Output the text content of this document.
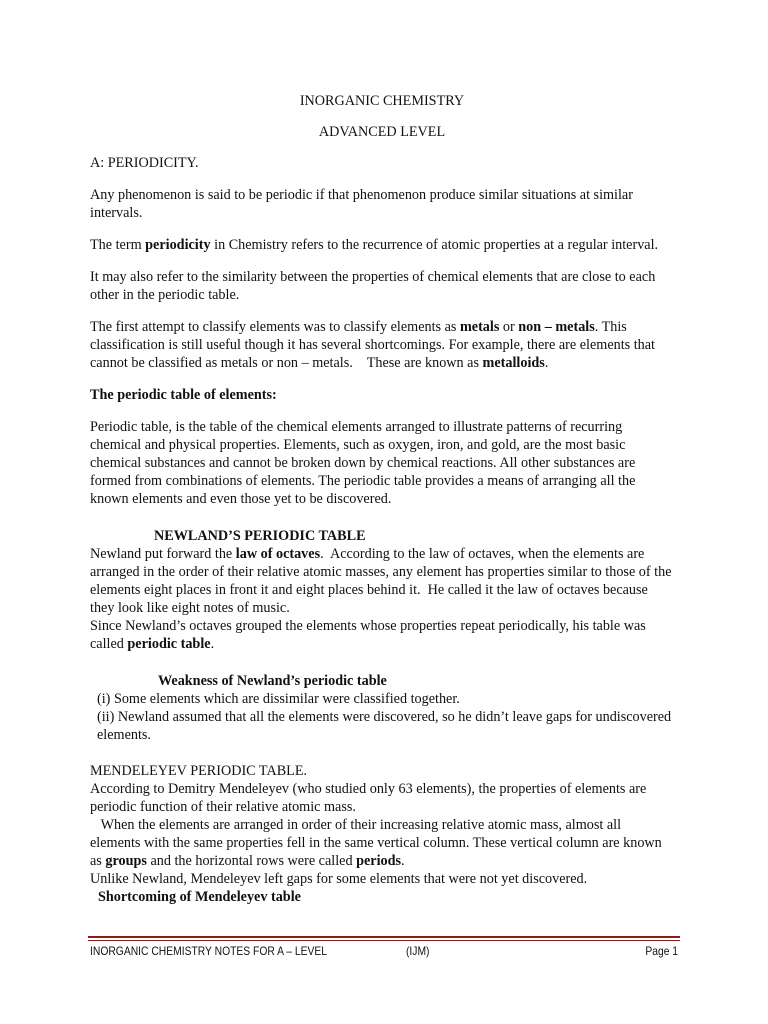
INORGANIC CHEMISTRY

ADVANCED LEVEL

A: PERIODICITY.

Any phenomenon is said to be periodic if that phenomenon produce similar situations at similar intervals.

The term periodicity in Chemistry refers to the recurrence of atomic properties at a regular interval.

It may also refer to the similarity between the properties of chemical elements that are close to each other in the periodic table.

The first attempt to classify elements was to classify elements as metals or non – metals. This classification is still useful though it has several shortcomings. For example, there are elements that cannot be classified as metals or non – metals.    These are known as metalloids.

The periodic table of elements:

Periodic table, is the table of the chemical elements arranged to illustrate patterns of recurring chemical and physical properties. Elements, such as oxygen, iron, and gold, are the most basic chemical substances and cannot be broken down by chemical reactions. All other substances are formed from combinations of elements. The periodic table provides a means of arranging all the known elements and even those yet to be discovered.

NEWLAND’S PERIODIC TABLE

Newland put forward the law of octaves.  According to the law of octaves, when the elements are arranged in the order of their relative atomic masses, any element has properties similar to those of the elements eight places in front it and eight places behind it.  He called it the law of octaves because they look like eight notes of music.

Since Newland’s octaves grouped the elements whose properties repeat periodically, his table was called periodic table.

Weakness of Newland’s periodic table

(i) Some elements which are dissimilar were classified together.

(ii) Newland assumed that all the elements were discovered, so he didn’t leave gaps for undiscovered elements.

MENDELEYEV PERIODIC TABLE.

According to Demitry Mendeleyev (who studied only 63 elements), the properties of elements are periodic function of their relative atomic mass.

When the elements are arranged in order of their increasing relative atomic mass, almost all elements with the same properties fell in the same vertical column. These vertical column are known as groups and the horizontal rows were called periods.

Unlike Newland, Mendeleyev left gaps for some elements that were not yet discovered.

Shortcoming of Mendeleyev table

INORGANIC CHEMISTRY NOTES FOR A – LEVEL	(IJM)	Page 1
